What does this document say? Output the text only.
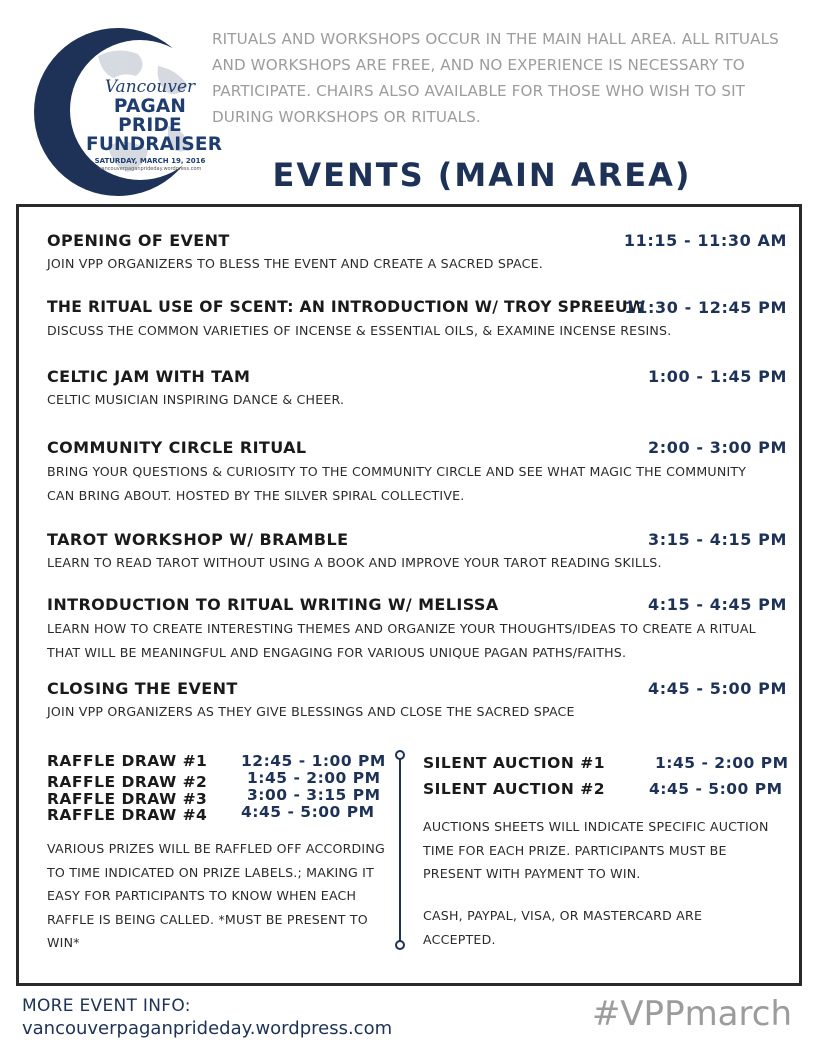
Vancouver
PAGAN
PRIDE
FUNDRAISER
SATURDAY, MARCH 19, 2016
vancouverpaganprideday.wordpress.com
RITUALS AND WORKSHOPS OCCUR IN THE MAIN HALL AREA. ALL RITUALS AND WORKSHOPS ARE FREE, AND NO EXPERIENCE IS NECESSARY TO PARTICIPATE. CHAIRS ALSO AVAILABLE FOR THOSE WHO WISH TO SIT DURING WORKSHOPS OR RITUALS.
EVENTS (MAIN AREA)
OPENING OF EVENT	11:15 - 11:30 AM
JOIN VPP ORGANIZERS TO BLESS THE EVENT AND CREATE A SACRED SPACE.
THE RITUAL USE OF SCENT: AN INTRODUCTION W/ TROY SPREEUW
11:30 - 12:45 PM
DISCUSS THE COMMON VARIETIES OF INCENSE & ESSENTIAL OILS, & EXAMINE INCENSE RESINS.
CELTIC JAM WITH TAM	1:00 - 1:45 PM
CELTIC MUSICIAN INSPIRING DANCE & CHEER.
COMMUNITY CIRCLE RITUAL	2:00 - 3:00 PM
BRING YOUR QUESTIONS & CURIOSITY TO THE COMMUNITY CIRCLE AND SEE WHAT MAGIC THE COMMUNITY CAN BRING ABOUT. HOSTED BY THE SILVER SPIRAL COLLECTIVE.
TAROT WORKSHOP W/ BRAMBLE	3:15 - 4:15 PM
LEARN TO READ TAROT WITHOUT USING A BOOK AND IMPROVE YOUR TAROT READING SKILLS.
INTRODUCTION TO RITUAL WRITING W/ MELISSA	4:15 - 4:45 PM
LEARN HOW TO CREATE INTERESTING THEMES AND ORGANIZE YOUR THOUGHTS/IDEAS TO CREATE A RITUAL THAT WILL BE MEANINGFUL AND ENGAGING FOR VARIOUS UNIQUE PAGAN PATHS/FAITHS.
CLOSING THE EVENT	4:45 - 5:00 PM
JOIN VPP ORGANIZERS AS THEY GIVE BLESSINGS AND CLOSE THE SACRED SPACE
RAFFLE DRAW #1 12:45 - 1:00 PM
RAFFLE DRAW #2	1:45 - 2:00 PM
RAFFLE DRAW #3	3:00 - 3:15 PM
RAFFLE DRAW #4 4:45 - 5:00 PM
VARIOUS PRIZES WILL BE RAFFLED OFF ACCORDING TO TIME INDICATED ON PRIZE LABELS.; MAKING IT EASY FOR PARTICIPANTS TO KNOW WHEN EACH RAFFLE IS BEING CALLED. *MUST BE PRESENT TO WIN*
SILENT AUCTION #1	1:45 - 2:00 PM
SILENT AUCTION #2	4:45 - 5:00 PM
AUCTIONS SHEETS WILL INDICATE SPECIFIC AUCTION TIME FOR EACH PRIZE. PARTICIPANTS MUST BE PRESENT WITH PAYMENT TO WIN.
CASH, PAYPAL, VISA, OR MASTERCARD ARE ACCEPTED.
MORE EVENT INFO:
vancouverpaganprideday.wordpress.com	#VPPmarch
